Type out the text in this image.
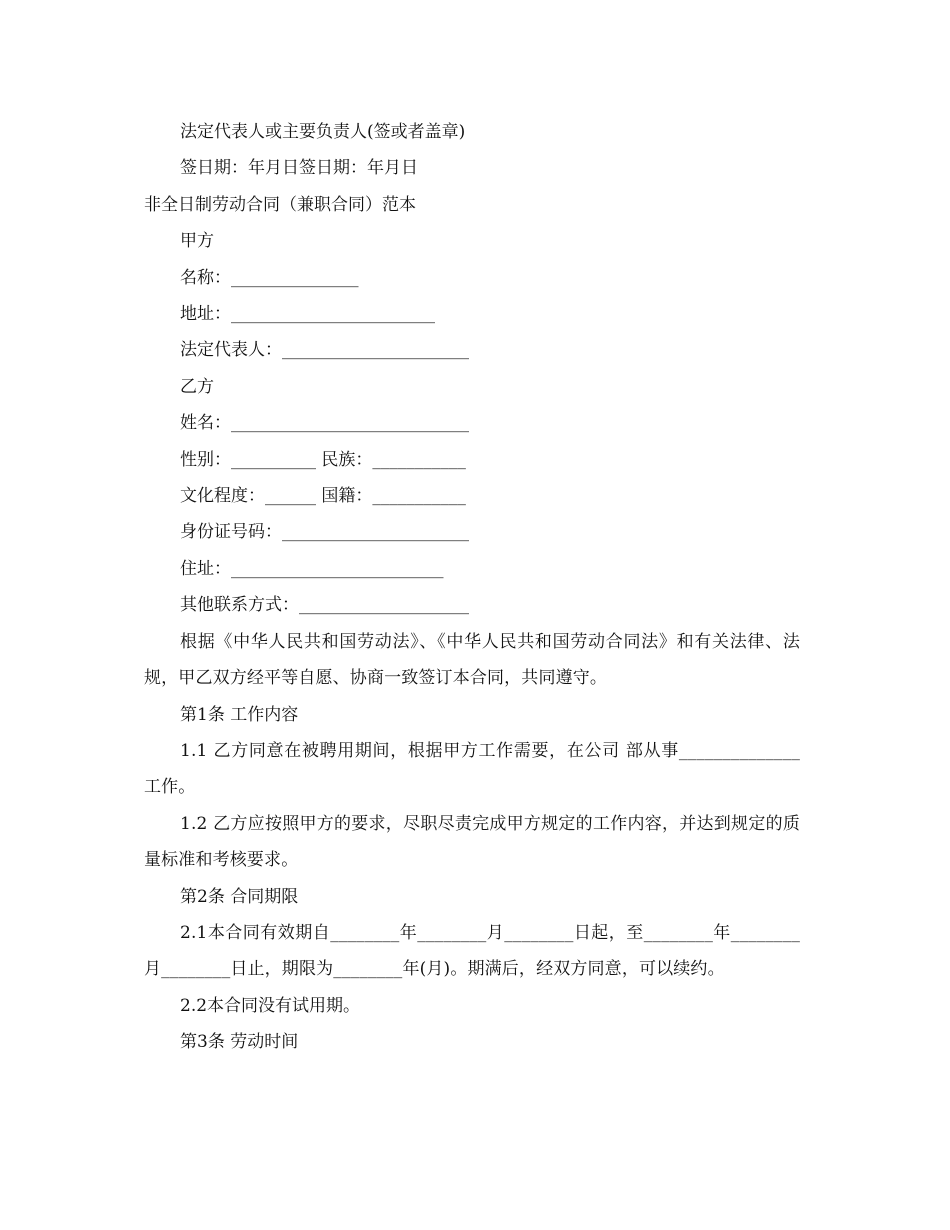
法定代表人或主要负责人(签或者盖章)
签日期：年月日签日期：年月日
非全日制劳动合同（兼职合同）范本
甲方
名称：_______________
地址：________________________
法定代表人：______________________
乙方
姓名：____________________________
性别：__________ 民族：___________
文化程度：______ 国籍：___________
身份证号码：______________________
住址：_________________________
其他联系方式：____________________
根据《中华人民共和国劳动法》、《中华人民共和国劳动合同法》和有关法律、法规，甲乙双方经平等自愿、协商一致签订本合同，共同遵守。
第1条 工作内容
1.1 乙方同意在被聘用期间，根据甲方工作需要，在公司 部从事______________工作。
1.2 乙方应按照甲方的要求，尽职尽责完成甲方规定的工作内容，并达到规定的质量标准和考核要求。
第2条 合同期限
2.1本合同有效期自________年________月________日起，至________年________月________日止，期限为________年(月)。期满后，经双方同意，可以续约。
2.2本合同没有试用期。
第3条 劳动时间
